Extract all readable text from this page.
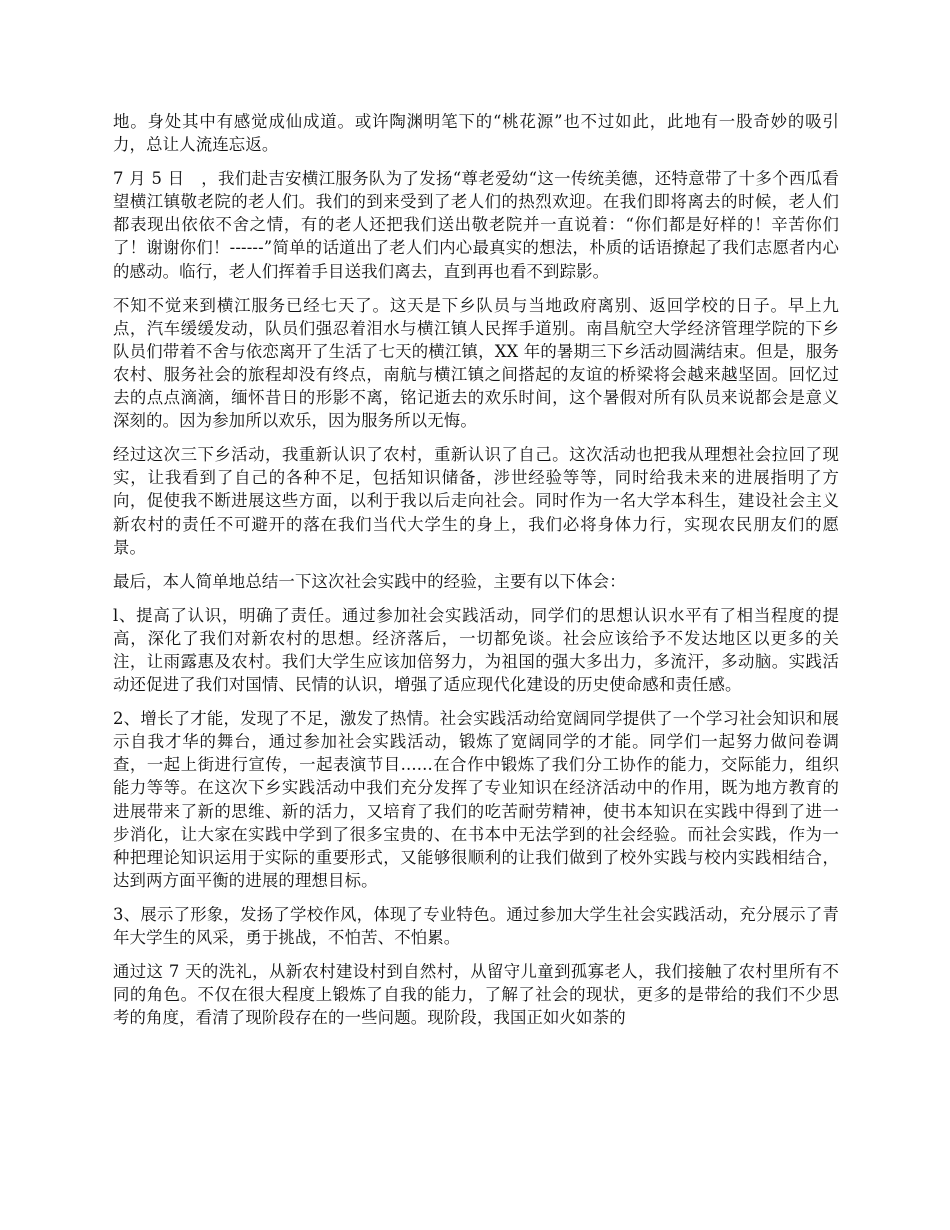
地。身处其中有感觉成仙成道。或许陶渊明笔下的“桃花源”也不过如此，此地有一股奇妙的吸引力，总让人流连忘返。

7 月 5 日　，我们赴吉安横江服务队为了发扬“尊老爱幼“这一传统美德，还特意带了十多个西瓜看望横江镇敬老院的老人们。我们的到来受到了老人们的热烈欢迎。在我们即将离去的时候，老人们都表现出依依不舍之情，有的老人还把我们送出敬老院并一直说着：“你们都是好样的！辛苦你们了！谢谢你们！------”简单的话道出了老人们内心最真实的想法，朴质的话语撩起了我们志愿者内心的感动。临行，老人们挥着手目送我们离去，直到再也看不到踪影。

不知不觉来到横江服务已经七天了。这天是下乡队员与当地政府离别、返回学校的日子。早上九点，汽车缓缓发动，队员们强忍着泪水与横江镇人民挥手道别。南昌航空大学经济管理学院的下乡队员们带着不舍与依恋离开了生活了七天的横江镇，XX 年的暑期三下乡活动圆满结束。但是，服务农村、服务社会的旅程却没有终点，南航与横江镇之间搭起的友谊的桥梁将会越来越坚固。回忆过去的点点滴滴，缅怀昔日的形影不离，铭记逝去的欢乐时间，这个暑假对所有队员来说都会是意义深刻的。因为参加所以欢乐，因为服务所以无悔。

经过这次三下乡活动，我重新认识了农村，重新认识了自己。这次活动也把我从理想社会拉回了现实，让我看到了自己的各种不足，包括知识储备，涉世经验等等，同时给我未来的进展指明了方向，促使我不断进展这些方面，以利于我以后走向社会。同时作为一名大学本科生，建设社会主义新农村的责任不可避开的落在我们当代大学生的身上，我们必将身体力行，实现农民朋友们的愿景。

最后，本人简单地总结一下这次社会实践中的经验，主要有以下体会：

l、提高了认识，明确了责任。通过参加社会实践活动，同学们的思想认识水平有了相当程度的提高，深化了我们对新农村的思想。经济落后，一切都免谈。社会应该给予不发达地区以更多的关注，让雨露惠及农村。我们大学生应该加倍努力，为祖国的强大多出力，多流汗，多动脑。实践活动还促进了我们对国情、民情的认识，增强了适应现代化建设的历史使命感和责任感。

2、增长了才能，发现了不足，激发了热情。社会实践活动给宽阔同学提供了一个学习社会知识和展示自我才华的舞台，通过参加社会实践活动，锻炼了宽阔同学的才能。同学们一起努力做问卷调查，一起上街进行宣传，一起表演节目......在合作中锻炼了我们分工协作的能力，交际能力，组织能力等等。在这次下乡实践活动中我们充分发挥了专业知识在经济活动中的作用，既为地方教育的进展带来了新的思维、新的活力，又培育了我们的吃苦耐劳精神，使书本知识在实践中得到了进一步消化，让大家在实践中学到了很多宝贵的、在书本中无法学到的社会经验。而社会实践，作为一种把理论知识运用于实际的重要形式，又能够很顺利的让我们做到了校外实践与校内实践相结合，达到两方面平衡的进展的理想目标。

3、展示了形象，发扬了学校作风，体现了专业特色。通过参加大学生社会实践活动，充分展示了青年大学生的风采，勇于挑战，不怕苦、不怕累。

通过这 7 天的洗礼，从新农村建设村到自然村，从留守儿童到孤寡老人，我们接触了农村里所有不同的角色。不仅在很大程度上锻炼了自我的能力，了解了社会的现状，更多的是带给的我们不少思考的角度，看清了现阶段存在的一些问题。现阶段，我国正如火如荼的
